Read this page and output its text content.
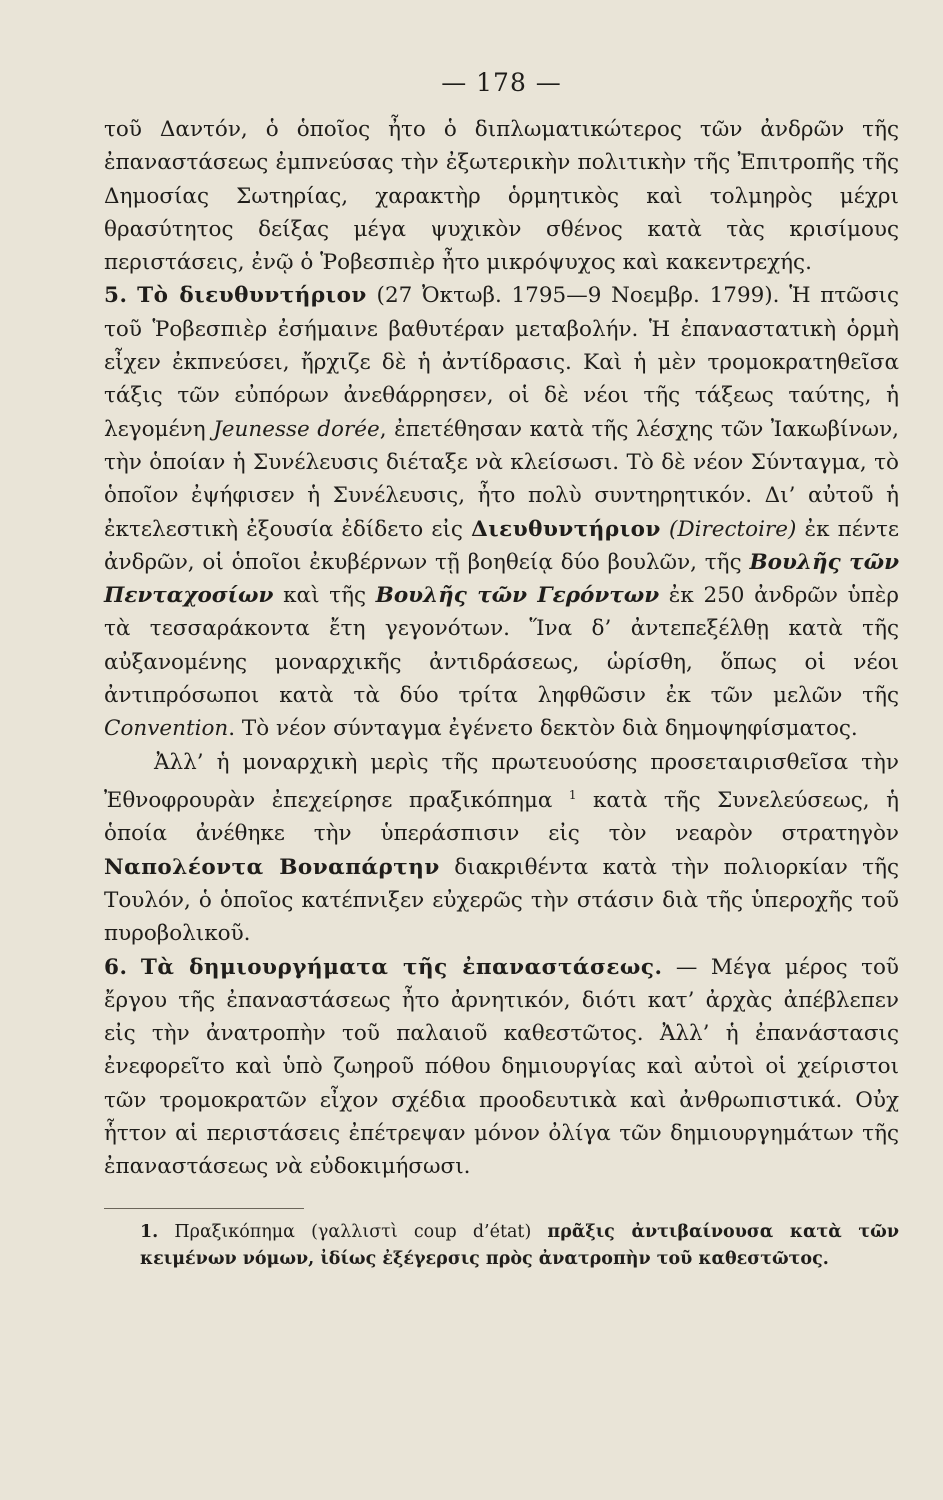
— 178 —

τοῦ Δαντόν, ὁ ὁποῖος ἦτο ὁ διπλωματικώτερος τῶν ἀνδρῶν τῆς ἐπαναστάσεως ἐμπνεύσας τὴν ἐξωτερικὴν πολιτικὴν τῆς Ἐπιτροπῆς τῆς Δημοσίας Σωτηρίας, χαρακτὴρ ὁρμητικὸς καὶ τολμηρὸς μέχρι θρασύτητος δείξας μέγα ψυχικὸν σθένος κατὰ τὰς κρισίμους περιστάσεις, ἐνῷ ὁ Ῥοβεσπιὲρ ἦτο μικρόψυχος καὶ κακεντρεχής.

5. Τὸ διευθυντήριον (27 Ὀκτωβ. 1795—9 Νοεμβρ. 1799). Ἡ πτῶσις τοῦ Ῥοβεσπιὲρ ἐσήμαινε βαθυτέραν μεταβολήν. Ἡ ἐπαναστατικὴ ὁρμὴ εἶχεν ἐκπνεύσει, ἤρχιζε δὲ ἡ ἀντίδρασις. Καὶ ἡ μὲν τρομοκρατηθεῖσα τάξις τῶν εὐπόρων ἀνεθάρρησεν, οἱ δὲ νέοι τῆς τάξεως ταύτης, ἡ λεγομένη Jeunesse dorée, ἐπετέθησαν κατὰ τῆς λέσχης τῶν Ἰακωβίνων, τὴν ὁποίαν ἡ Συνέλευσις διέταξε νὰ κλείσωσι. Τὸ δὲ νέον Σύνταγμα, τὸ ὁποῖον ἐψήφισεν ἡ Συνέλευσις, ἦτο πολὺ συντηρητικόν. Δι’ αὐτοῦ ἡ ἐκτελεστικὴ ἐξουσία ἐδίδετο εἰς Διευθυντήριον (Directoire) ἐκ πέντε ἀνδρῶν, οἱ ὁποῖοι ἐκυβέρνων τῇ βοηθείᾳ δύο βουλῶν, τῆς Βουλῆς τῶν Πενταχοσίων καὶ τῆς Βουλῆς τῶν Γερόντων ἐκ 250 ἀνδρῶν ὑπὲρ τὰ τεσσαράκοντα ἔτη γεγονότων. Ἵνα δ’ ἀντεπεξέλθῃ κατὰ τῆς αὐξανομένης μοναρχικῆς ἀντιδράσεως, ὡρίσθη, ὅπως οἱ νέοι ἀντιπρόσωποι κατὰ τὰ δύο τρίτα ληφθῶσιν ἐκ τῶν μελῶν τῆς Convention. Τὸ νέον σύνταγμα ἐγένετο δεκτὸν διὰ δημοψηφίσματος.

Ἀλλ’ ἡ μοναρχικὴ μερὶς τῆς πρωτευούσης προσεταιρισθεῖσα τὴν Ἐθνοφρουρὰν ἐπεχείρησε πραξικόπημα $^1$ κατὰ τῆς Συνελεύσεως, ἡ ὁποία ἀνέθηκε τὴν ὑπεράσπισιν εἰς τὸν νεαρὸν στρατηγὸν Ναπολέοντα Βοναπάρτην διακριθέντα κατὰ τὴν πολιορκίαν τῆς Τουλόν, ὁ ὁποῖος κατέπνιξεν εὐχερῶς τὴν στάσιν διὰ τῆς ὑπεροχῆς τοῦ πυροβολικοῦ.

6. Τὰ δημιουργήματα τῆς ἐπαναστάσεως. — Μέγα μέρος τοῦ ἔργου τῆς ἐπαναστάσεως ἦτο ἀρνητικόν, διότι κατ’ ἀρχὰς ἀπέβλεπεν εἰς τὴν ἀνατροπὴν τοῦ παλαιοῦ καθεστῶτος. Ἀλλ’ ἡ ἐπανάστασις ἐνεφορεῖτο καὶ ὑπὸ ζωηροῦ πόθου δημιουργίας καὶ αὐτοὶ οἱ χείριστοι τῶν τρομοκρατῶν εἶχον σχέδια προοδευτικὰ καὶ ἀνθρωπιστικά. Οὐχ ἧττον αἱ περιστάσεις ἐπέτρεψαν μόνον ὀλίγα τῶν δημιουργημάτων τῆς ἐπαναστάσεως νὰ εὐδοκιμήσωσι.

1. Πραξικόπημα (γαλλιστὶ coup d’état) πρᾶξις ἀντιβαίνουσα κατὰ τῶν κειμένων νόμων, ἰδίως ἐξέγερσις πρὸς ἀνατροπὴν τοῦ καθεστῶτος.
